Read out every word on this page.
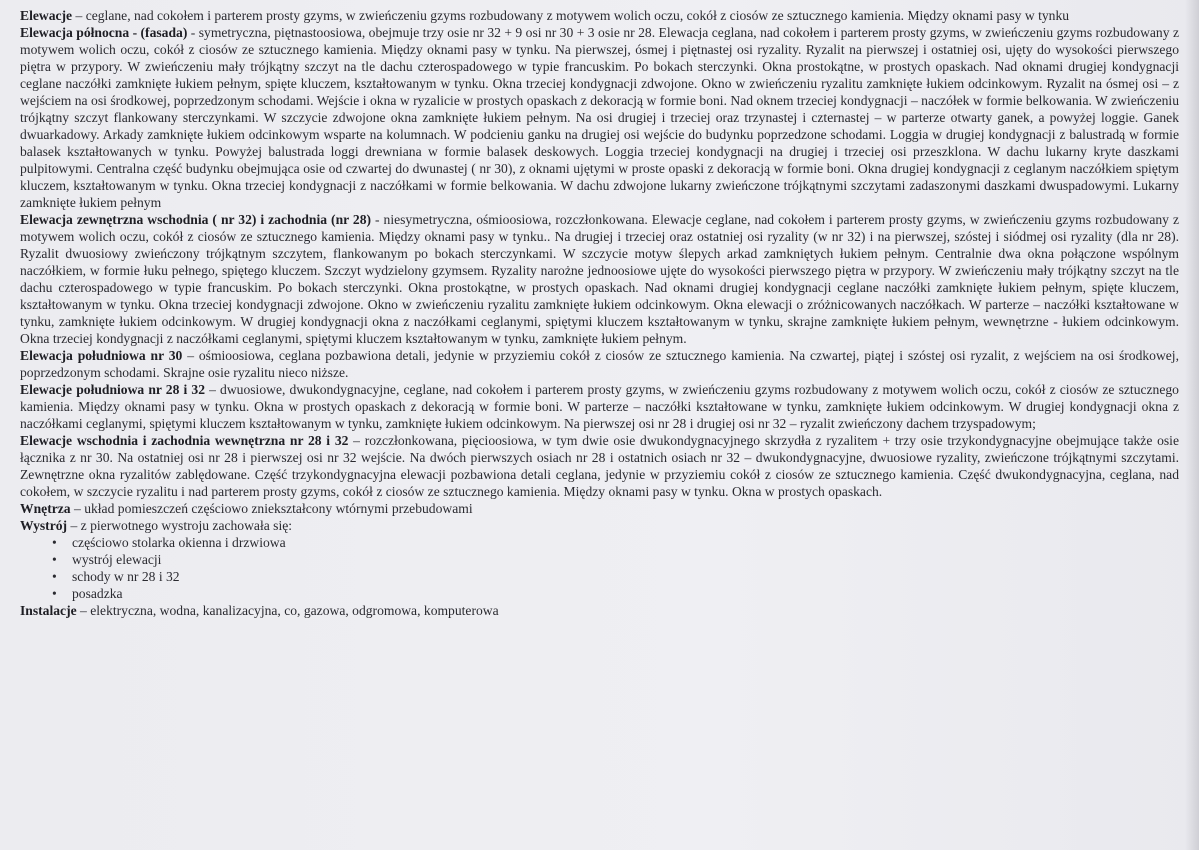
Elewacje – ceglane, nad cokołem i parterem prosty gzyms, w zwieńczeniu gzyms rozbudowany z motywem wolich oczu, cokół z ciosów ze sztucznego kamienia. Między oknami pasy w tynku

Elewacja północna - (fasada) - symetryczna, piętnastoosiowa, obejmuje trzy osie nr 32 + 9 osi nr 30 + 3 osie nr 28. Elewacja ceglana, nad cokołem i parterem prosty gzyms, w zwieńczeniu gzyms rozbudowany z motywem wolich oczu, cokół z ciosów ze sztucznego kamienia. Między oknami pasy w tynku. Na pierwszej, ósmej i piętnastej osi ryzality. Ryzalit na pierwszej i ostatniej osi, ujęty do wysokości pierwszego piętra w przypory. W zwieńczeniu mały trójkątny szczyt na tle dachu czterospadowego w typie francuskim. Po bokach sterczynki. Okna prostokątne, w prostych opaskach. Nad oknami drugiej kondygnacji ceglane naczółki zamknięte łukiem pełnym, spięte kluczem, kształtowanym w tynku. Okna trzeciej kondygnacji zdwojone. Okno w zwieńczeniu ryzalitu zamknięte łukiem odcinkowym. Ryzalit na ósmej osi – z wejściem na osi środkowej, poprzedzonym schodami. Wejście i okna w ryzalicie w prostych opaskach z dekoracją w formie boni. Nad oknem trzeciej kondygnacji – naczółek w formie belkowania. W zwieńczeniu trójkątny szczyt flankowany sterczynkami. W szczycie zdwojone okna zamknięte łukiem pełnym. Na osi drugiej i trzeciej oraz trzynastej i czternastej – w parterze otwarty ganek, a powyżej loggie. Ganek dwuarkadowy. Arkady zamknięte łukiem odcinkowym wsparte na kolumnach. W podcieniu ganku na drugiej osi wejście do budynku poprzedzone schodami. Loggia w drugiej kondygnacji z balustradą w formie balasek kształtowanych w tynku. Powyżej balustrada loggi drewniana w formie balasek deskowych. Loggia trzeciej kondygnacji na drugiej i trzeciej osi przeszklona. W dachu lukarny kryte daszkami pulpitowymi. Centralna część budynku obejmująca osie od czwartej do dwunastej ( nr 30), z oknami ujętymi w proste opaski z dekoracją w formie boni. Okna drugiej kondygnacji z ceglanym naczółkiem spiętym kluczem, kształtowanym w tynku. Okna trzeciej kondygnacji z naczółkami w formie belkowania. W dachu zdwojone lukarny zwieńczone trójkątnymi szczytami zadaszonymi daszkami dwuspadowymi. Lukarny zamknięte łukiem pełnym

Elewacja zewnętrzna wschodnia ( nr 32) i zachodnia (nr 28) - niesymetryczna, ośmioosiowa, rozczłonkowana. Elewacje ceglane, nad cokołem i parterem prosty gzyms, w zwieńczeniu gzyms rozbudowany z motywem wolich oczu, cokół z ciosów ze sztucznego kamienia. Między oknami pasy w tynku.. Na drugiej i trzeciej oraz ostatniej osi ryzality (w nr 32) i na pierwszej, szóstej i siódmej osi ryzality (dla nr 28). Ryzalit dwuosiowy zwieńczony trójkątnym szczytem, flankowanym po bokach sterczynkami. W szczycie motyw ślepych arkad zamkniętych łukiem pełnym. Centralnie dwa okna połączone wspólnym naczółkiem, w formie łuku pełnego, spiętego kluczem. Szczyt wydzielony gzymsem. Ryzality narożne jednoosiowe ujęte do wysokości pierwszego piętra w przypory. W zwieńczeniu mały trójkątny szczyt na tle dachu czterospadowego w typie francuskim. Po bokach sterczynki. Okna prostokątne, w prostych opaskach. Nad oknami drugiej kondygnacji ceglane naczółki zamknięte łukiem pełnym, spięte kluczem, kształtowanym w tynku. Okna trzeciej kondygnacji zdwojone. Okno w zwieńczeniu ryzalitu zamknięte łukiem odcinkowym. Okna elewacji o zróżnicowanych naczółkach. W parterze – naczółki kształtowane w tynku, zamknięte łukiem odcinkowym. W drugiej kondygnacji okna z naczółkami ceglanymi, spiętymi kluczem kształtowanym w tynku, skrajne zamknięte łukiem pełnym, wewnętrzne - łukiem odcinkowym. Okna trzeciej kondygnacji z naczółkami ceglanymi, spiętymi kluczem kształtowanym w tynku, zamknięte łukiem pełnym.

Elewacja południowa nr 30 – ośmioosiowa, ceglana pozbawiona detali, jedynie w przyziemiu cokół z ciosów ze sztucznego kamienia. Na czwartej, piątej i szóstej osi ryzalit, z wejściem na osi środkowej, poprzedzonym schodami. Skrajne osie ryzalitu nieco niższe.

Elewacje południowa nr 28 i 32 – dwuosiowe, dwukondygnacyjne, ceglane, nad cokołem i parterem prosty gzyms, w zwieńczeniu gzyms rozbudowany z motywem wolich oczu, cokół z ciosów ze sztucznego kamienia. Między oknami pasy w tynku. Okna w prostych opaskach z dekoracją w formie boni. W parterze – naczółki kształtowane w tynku, zamknięte łukiem odcinkowym. W drugiej kondygnacji okna z naczółkami ceglanymi, spiętymi kluczem kształtowanym w tynku, zamknięte łukiem odcinkowym. Na pierwszej osi nr 28 i drugiej osi nr 32 – ryzalit zwieńczony dachem trzyspadowym;

Elewacje wschodnia i zachodnia wewnętrzna nr 28 i 32 – rozczłonkowana, pięcioosiowa, w tym dwie osie dwukondygnacyjnego skrzydła z ryzalitem + trzy osie trzykondygnacyjne obejmujące także osie łącznika z nr 30. Na ostatniej osi nr 28 i pierwszej osi nr 32 wejście. Na dwóch pierwszych osiach nr 28 i ostatnich osiach nr 32 – dwukondygnacyjne, dwuosiowe ryzality, zwieńczone trójkątnymi szczytami. Zewnętrzne okna ryzalitów zablędowane. Część trzykondygnacyjna elewacji pozbawiona detali ceglana, jedynie w przyziemiu cokół z ciosów ze sztucznego kamienia. Część dwukondygnacyjna, ceglana, nad cokołem, w szczycie ryzalitu i nad parterem prosty gzyms, cokół z ciosów ze sztucznego kamienia. Między oknami pasy w tynku. Okna w prostych opaskach.

Wnętrza – układ pomieszczeń częściowo zniekształcony wtórnymi przebudowami

Wystrój – z pierwotnego wystroju zachowała się:

• częściowo stolarka okienna i drzwiowa
• wystrój elewacji
• schody w nr 28 i 32
• posadzka

Instalacje – elektryczna, wodna, kanalizacyjna, co, gazowa, odgromowa, komputerowa
